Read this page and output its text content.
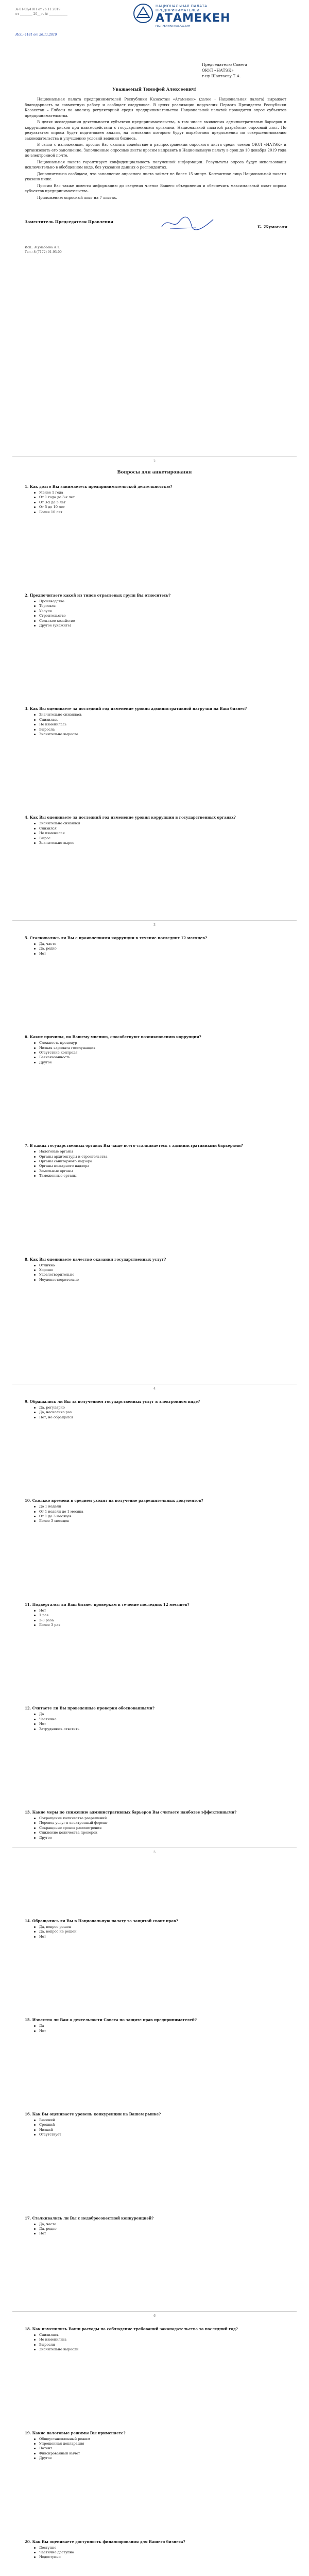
№ 01-05/4181 от 26.11.2019
от ________ 20__ г. № ____________
НАЦИОНАЛЬНАЯ ПАЛАТА ПРЕДПРИНИМАТЕЛЕЙ
АТАМЕКЕН
РЕСПУБЛИКИ КАЗАХСТАН
Исх.: 4181 от 26.11.2019
Председателю Совета
ОЮЛ «НАТЭК»
г-ну Шалтаеву Т.А.
Уважаемый Тимофей Алексеевич!

Национальная палата предпринимателей Республики Казахстан «Атамекен» (далее - Национальная палата) выражает благодарность за совместную работу и сообщает следующее. В целях реализации поручения Первого Президента Республики Казахстан – Елбасы по анализу регуляторной среды предпринимательства Национальной палатой проводится опрос субъектов предпринимательства.

В целях исследования деятельности субъектов предпринимательства, в том числе выявления административных барьеров и коррупционных рисков при взаимодействии с государственными органами, Национальной палатой разработан опросный лист. По результатам опроса будет подготовлен анализ, на основании которого будут выработаны предложения по совершенствованию законодательства и улучшению условий ведения бизнеса.

В связи с изложенным, просим Вас оказать содействие в распространении опросного листа среди членов ОЮЛ «НАТЭК» и организовать его заполнение. Заполненные опросные листы просим направить в Национальную палату в срок до 10 декабря 2019 года по электронной почте.

Национальная палата гарантирует конфиденциальность полученной информации. Результаты опроса будут использованы исключительно в обобщенном виде, без указания данных о респондентах.

Дополнительно сообщаем, что заполнение опросного листа займет не более 15 минут. Контактное лицо Национальной палаты указано ниже.

Просим Вас также довести информацию до сведения членов Вашего объединения и обеспечить максимальный охват опроса субъектов предпринимательства.

Приложение: опросный лист на 7 листах.

Заместитель Председателя Правления
Б. Жумагали
Исп.: Жумабаева А.Т.
Тел.: 8 (7172) 91-93-00
2
3
4
5
6
Вопросы для анкетирования
1. Как долго Вы занимаетесь предпринимательской деятельностью?
Менее 1 года
От 1 года до 3-х лет
От 3-х до 5 лет
От 5 до 10 лет
Более 10 лет
2. Предпочитаете какой из типов отраслевых групп Вы относитесь?
Производство
Торговля
Услуги
Строительство
Сельское хозяйство
Другое (укажите)
3. Как Вы оцениваете за последний год изменение уровня административной нагрузки на Ваш бизнес?
Значительно снизилась
Снизилась
Не изменилась
Выросла
Значительно выросла
4. Как Вы оцениваете за последний год изменение уровня коррупции в государственных органах?
Значительно снизился
Снизился
Не изменился
Вырос
Значительно вырос
5. Сталкивались ли Вы с проявлениями коррупции в течение последних 12 месяцев?
Да, часто
Да, редко
Нет
6. Какие причины, по Вашему мнению, способствуют возникновению коррупции?
Сложность процедур
Низкая зарплата госслужащих
Отсутствие контроля
Безнаказанность
Другое
7. В каких государственных органах Вы чаще всего сталкиваетесь с административными барьерами?
Налоговые органы
Органы архитектуры и строительства
Органы санитарного надзора
Органы пожарного надзора
Земельные органы
Таможенные органы
8. Как Вы оцениваете качество оказания государственных услуг?
Отлично
Хорошо
Удовлетворительно
Неудовлетворительно
9. Обращались ли Вы за получением государственных услуг в электронном виде?
Да, регулярно
Да, несколько раз
Нет, не обращался
10. Сколько времени в среднем уходит на получение разрешительных документов?
До 1 недели
От 1 недели до 1 месяца
От 1 до 3 месяцев
Более 3 месяцев
11. Подвергался ли Ваш бизнес проверкам в течение последних 12 месяцев?
Нет
1 раз
2-3 раза
Более 3 раз
12. Считаете ли Вы проведенные проверки обоснованными?
Да
Частично
Нет
Затрудняюсь ответить
13. Какие меры по снижению административных барьеров Вы считаете наиболее эффективными?
Сокращение количества разрешений
Перевод услуг в электронный формат
Сокращение сроков рассмотрения
Снижение количества проверок
Другое
14. Обращались ли Вы в Национальную палату за защитой своих прав?
Да, вопрос решен
Да, вопрос не решен
Нет
15. Известно ли Вам о деятельности Совета по защите прав предпринимателей?
Да
Нет
16. Как Вы оцениваете уровень конкуренции на Вашем рынке?
Высокий
Средний
Низкий
Отсутствует
17. Сталкивались ли Вы с недобросовестной конкуренцией?
Да, часто
Да, редко
Нет
18. Как изменились Ваши расходы на соблюдение требований законодательства за последний год?
Снизились
Не изменились
Выросли
Значительно выросли
19. Какие налоговые режимы Вы применяете?
Общеустановленный режим
Упрощенная декларация
Патент
Фиксированный вычет
Другое
20. Как Вы оцениваете доступность финансирования для Вашего бизнеса?
Доступно
Частично доступно
Недоступно
